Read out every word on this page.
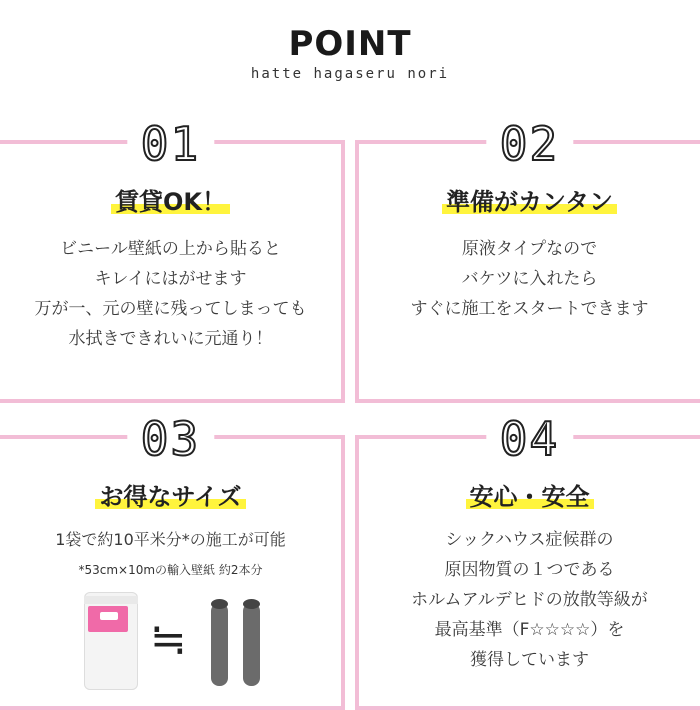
POINT
hatte hagaseru nori
01
賃貸OK！
ビニール壁紙の上から貼ると
キレイにはがせます
万が一、元の壁に残ってしまっても
水拭きできれいに元通り！
02
準備がカンタン
原液タイプなので
バケツに入れたら
すぐに施工をスタートできます
03
お得なサイズ
1袋で約10平米分*の施工が可能
*53cm×10mの輸入壁紙 約2本分
04
安心・安全
シックハウス症候群の
原因物質の１つである
ホルムアルデヒドの放散等級が
最高基準（F☆☆☆☆）を
獲得しています
≒
